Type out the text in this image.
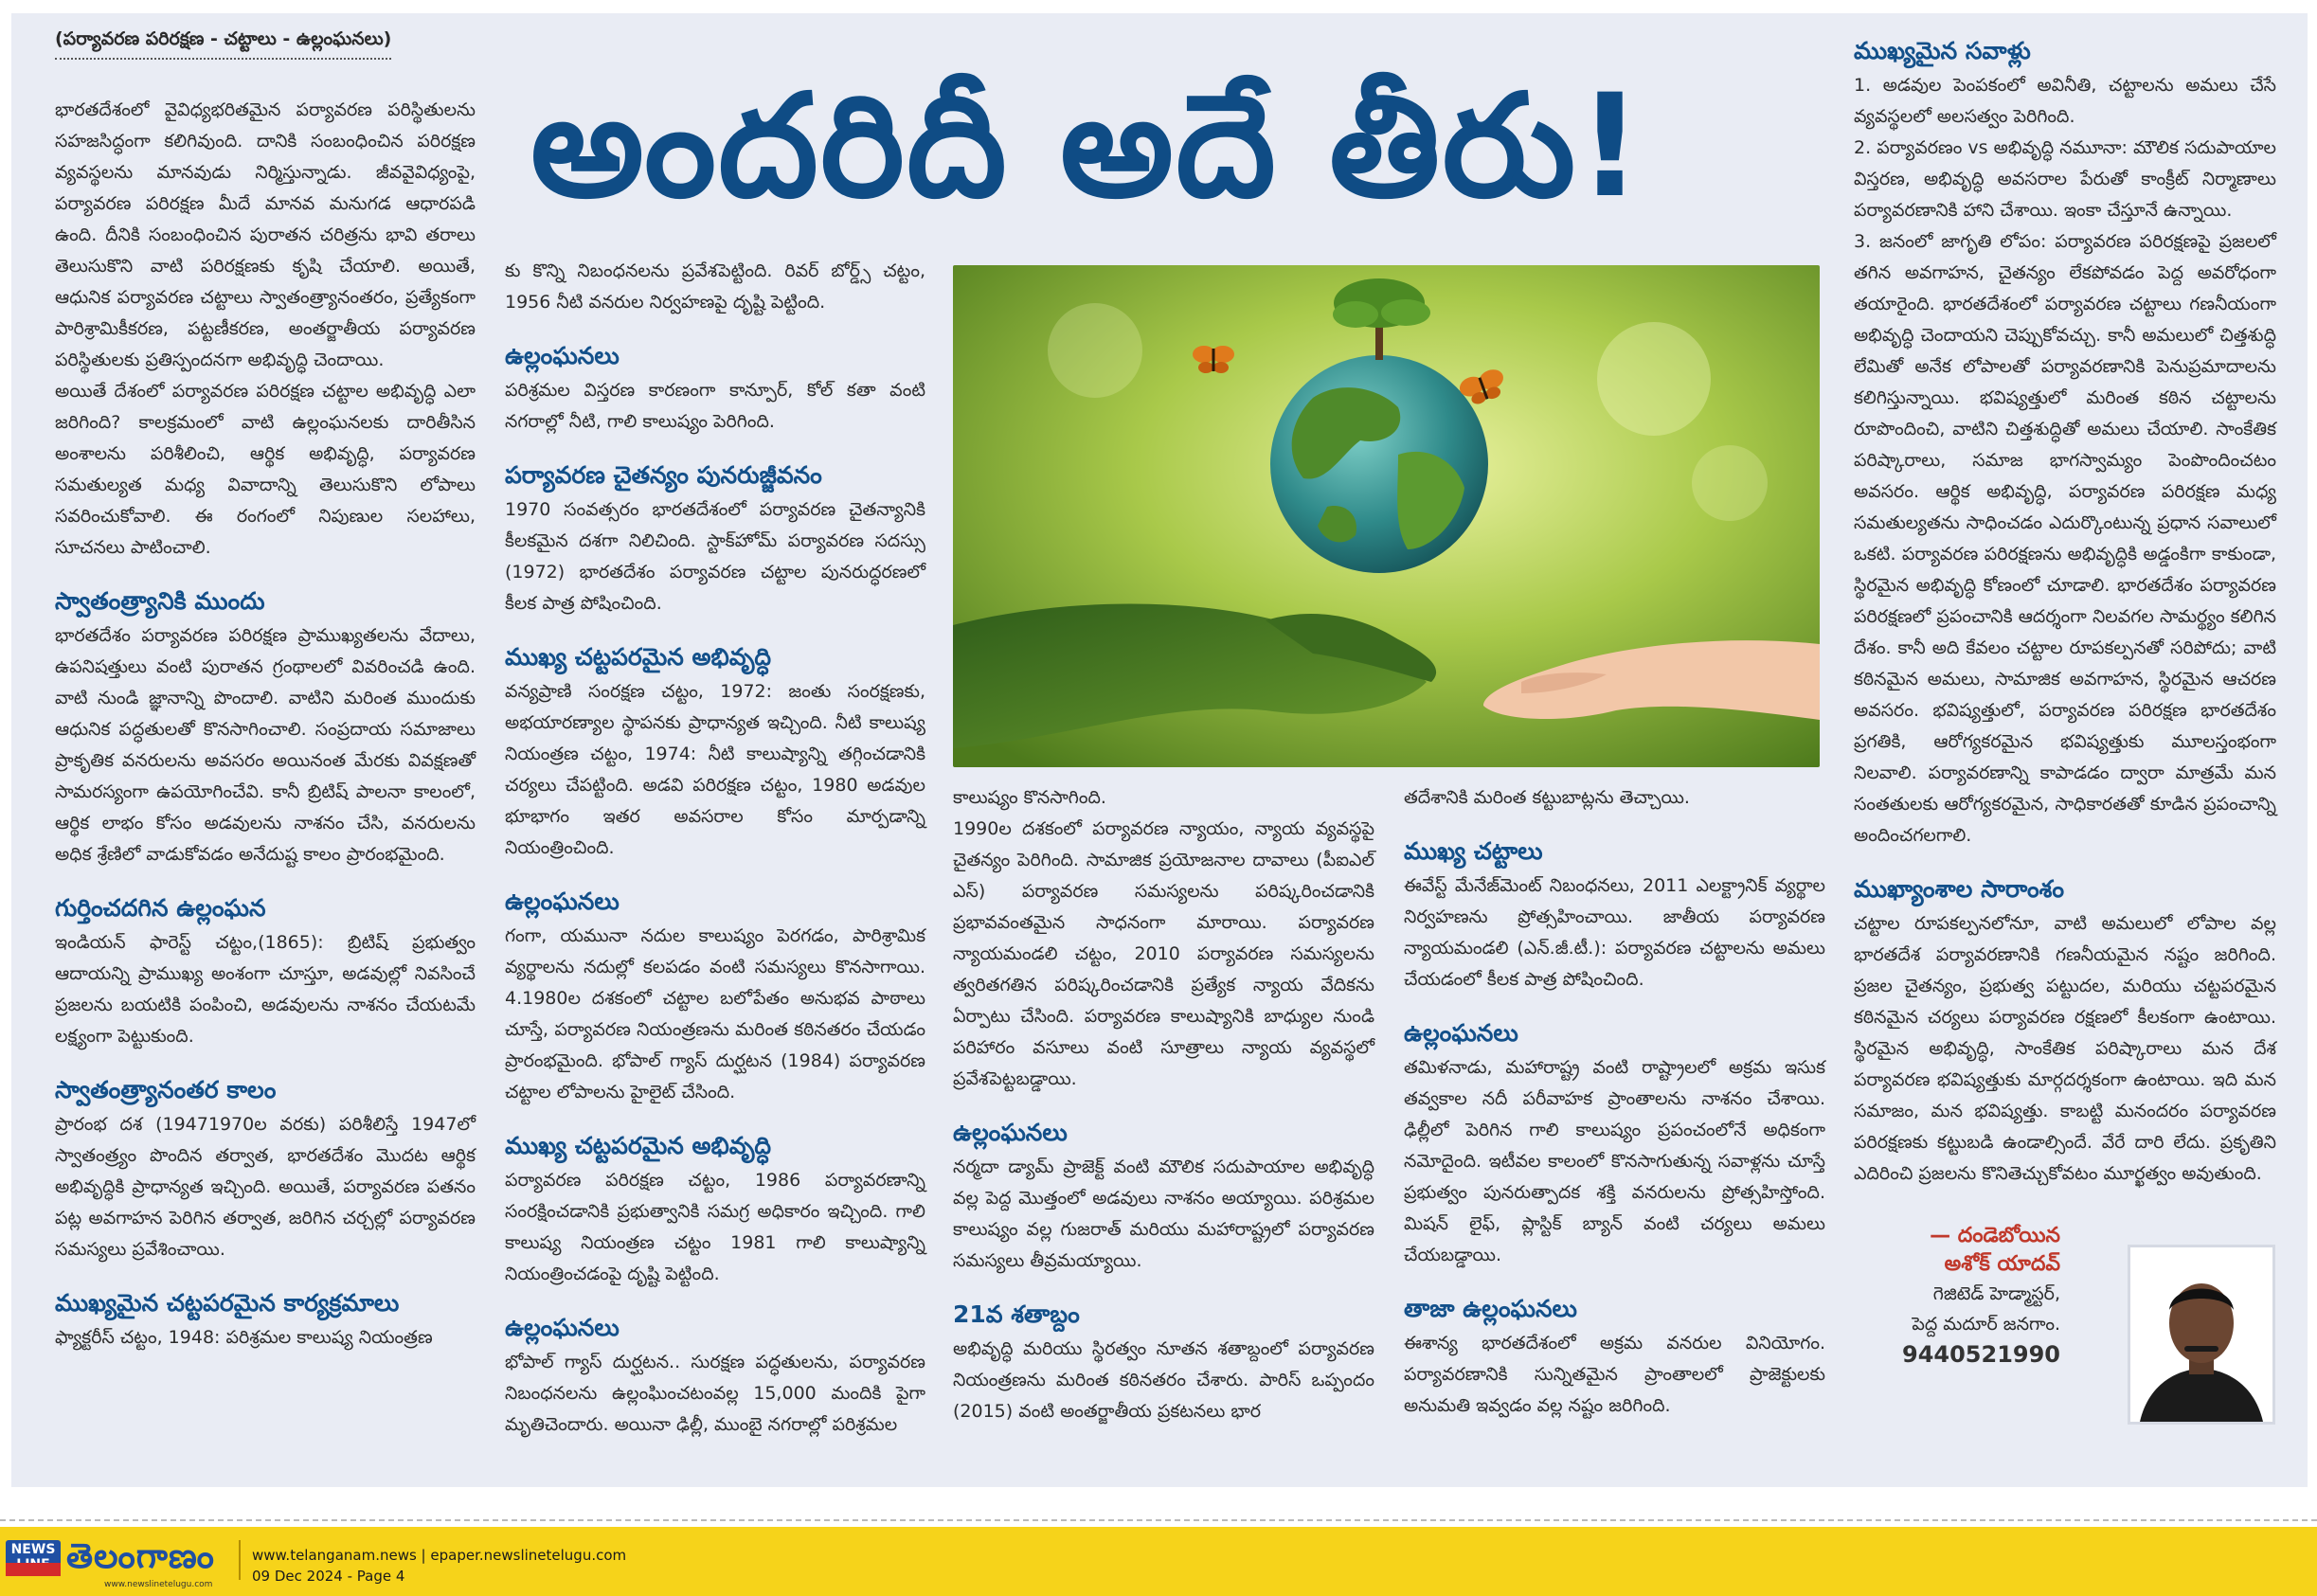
(పర్యావరణ పరిరక్షణ - చట్టాలు - ఉల్లంఘనలు)
అందరిదీ అదే తీరు!

భారతదేశంలో వైవిధ్యభరితమైన పర్యావరణ పరిస్థితులను సహజసిద్ధంగా కలిగివుంది. దానికి సంబంధించిన పరిరక్షణ వ్యవస్థలను మానవుడు నిర్మిస్తున్నాడు. జీవవైవిధ్యంపై, పర్యావరణ పరిరక్షణ మీదే మానవ మనుగడ ఆధారపడి ఉంది. దీనికి సంబంధించిన పురాతన చరిత్రను భావి తరాలు తెలుసుకొని వాటి పరిరక్షణకు కృషి చేయాలి. అయితే, ఆధునిక పర్యావరణ చట్టాలు స్వాతంత్ర్యానంతరం, ప్రత్యేకంగా పారిశ్రామికీకరణ, పట్టణీకరణ, అంతర్జాతీయ పర్యావరణ పరిస్థితులకు ప్రతిస్పందనగా అభివృద్ధి చెందాయి.

అయితే దేశంలో పర్యావరణ పరిరక్షణ చట్టాల అభివృద్ధి ఎలా జరిగింది? కాలక్రమంలో వాటి ఉల్లంఘనలకు దారితీసిన అంశాలను పరిశీలించి, ఆర్థిక అభివృద్ధి, పర్యావరణ సమతుల్యత మధ్య వివాదాన్ని తెలుసుకొని లోపాలు సవరించుకోవాలి. ఈ రంగంలో నిపుణుల సలహాలు, సూచనలు పాటించాలి.

స్వాతంత్ర్యానికి ముందు

భారతదేశం పర్యావరణ పరిరక్షణ ప్రాముఖ్యతలను వేదాలు, ఉపనిషత్తులు వంటి పురాతన గ్రంథాలలో వివరించడి ఉంది. వాటి నుండి జ్ఞానాన్ని పొందాలి. వాటిని మరింత ముందుకు ఆధునిక పద్ధతులతో కొనసాగించాలి. సంప్రదాయ సమాజాలు ప్రాకృతిక వనరులను అవసరం అయినంత మేరకు వివక్షణతో సామరస్యంగా ఉపయోగించేవి. కానీ బ్రిటిష్ పాలనా కాలంలో, ఆర్థిక లాభం కోసం అడవులను నాశనం చేసి, వనరులను అధిక శ్రేణిలో వాడుకోవడం అనేదుష్ట కాలం ప్రారంభమైంది.

గుర్తించదగిన ఉల్లంఘన

ఇండియన్ ఫారెస్ట్ చట్టం,(1865): బ్రిటిష్ ప్రభుత్వం ఆదాయన్ని ప్రాముఖ్య అంశంగా చూస్తూ, అడవుల్లో నివసించే ప్రజలను బయటికి పంపించి, అడవులను నాశనం చేయటమే లక్ష్యంగా పెట్టుకుంది.

స్వాతంత్ర్యానంతర కాలం

ప్రారంభ దశ (19471970ల వరకు) పరిశీలిస్తే 1947లో స్వాతంత్ర్యం పొందిన తర్వాత, భారతదేశం మొదట ఆర్థిక అభివృద్ధికి ప్రాధాన్యత ఇచ్చింది. అయితే, పర్యావరణ పతనం పట్ల అవగాహన పెరిగిన తర్వాత, జరిగిన చర్చల్లో పర్యావరణ సమస్యలు ప్రవేశించాయి.

ముఖ్యమైన చట్టపరమైన కార్యక్రమాలు

ఫ్యాక్టరీస్ చట్టం, 1948: పరిశ్రమల కాలుష్య నియంత్రణ

కు కొన్ని నిబంధనలను ప్రవేశపెట్టింది. రివర్ బోర్డ్స్ చట్టం, 1956 నీటి వనరుల నిర్వహణపై దృష్టి పెట్టింది.

ఉల్లంఘనలు

పరిశ్రమల విస్తరణ కారణంగా కాన్పూర్, కోల్ కతా వంటి నగరాల్లో నీటి, గాలి కాలుష్యం పెరిగింది.

పర్యావరణ చైతన్యం పునరుజ్జీవనం

1970 సంవత్సరం భారతదేశంలో పర్యావరణ చైతన్యానికి కీలకమైన దశగా నిలిచింది. స్టాక్‌హోమ్ పర్యావరణ సదస్సు (1972) భారతదేశం పర్యావరణ చట్టాల పునరుద్ధరణలో కీలక పాత్ర పోషించింది.

ముఖ్య చట్టపరమైన అభివృద్ధి

వన్యప్రాణి సంరక్షణ చట్టం, 1972: జంతు సంరక్షణకు, అభయారణ్యాల స్థాపనకు ప్రాధాన్యత ఇచ్చింది. నీటి కాలుష్య నియంత్రణ చట్టం, 1974: నీటి కాలుష్యాన్ని తగ్గించడానికి చర్యలు చేపట్టింది. అడవి పరిరక్షణ చట్టం, 1980 అడవుల భూభాగం ఇతర అవసరాల కోసం మార్పడాన్ని నియంత్రించింది.

ఉల్లంఘనలు

గంగా, యమునా నదుల కాలుష్యం పెరగడం, పారిశ్రామిక వ్యర్థాలను నదుల్లో కలపడం వంటి సమస్యలు కొనసాగాయి. 4.1980ల దశకంలో చట్టాల బలోపేతం అనుభవ పాఠాలు చూస్తే, పర్యావరణ నియంత్రణను మరింత కఠినతరం చేయడం ప్రారంభమైంది. భోపాల్ గ్యాస్ దుర్ఘటన (1984) పర్యావరణ చట్టాల లోపాలను హైలైట్ చేసింది.

ముఖ్య చట్టపరమైన అభివృద్ధి

పర్యావరణ పరిరక్షణ చట్టం, 1986 పర్యావరణాన్ని సంరక్షించడానికి ప్రభుత్వానికి సమగ్ర అధికారం ఇచ్చింది. గాలి కాలుష్య నియంత్రణ చట్టం 1981 గాలి కాలుష్యాన్ని నియంత్రించడంపై దృష్టి పెట్టింది.

ఉల్లంఘనలు

భోపాల్ గ్యాస్ దుర్ఘటన.. సురక్షణ పద్ధతులను, పర్యావరణ నిబంధనలను ఉల్లంఘించటంవల్ల 15,000 మందికి పైగా మృతిచెందారు. అయినా ఢిల్లీ, ముంబై నగరాల్లో పరిశ్రమల

కాలుష్యం కొనసాగింది.

1990ల దశకంలో పర్యావరణ న్యాయం, న్యాయ వ్యవస్థపై చైతన్యం పెరిగింది. సామాజిక ప్రయోజనాల దావాలు (పీఐఎల్ ఎస్) పర్యావరణ సమస్యలను పరిష్కరించడానికి ప్రభావవంతమైన సాధనంగా మారాయి. పర్యావరణ న్యాయమండలి చట్టం, 2010 పర్యావరణ సమస్యలను త్వరితగతిన పరిష్కరించడానికి ప్రత్యేక న్యాయ వేదికను ఏర్పాటు చేసింది. పర్యావరణ కాలుష్యానికి బాధ్యుల నుండి పరిహారం వసూలు వంటి సూత్రాలు న్యాయ వ్యవస్థలో ప్రవేశపెట్టబడ్డాయి.

ఉల్లంఘనలు

నర్మదా డ్యామ్ ప్రాజెక్ట్ వంటి మౌలిక సదుపాయాల అభివృద్ధి వల్ల పెద్ద మొత్తంలో అడవులు నాశనం అయ్యాయి. పరిశ్రమల కాలుష్యం వల్ల గుజరాత్ మరియు మహారాష్ట్రలో పర్యావరణ సమస్యలు తీవ్రమయ్యాయి.

21వ శతాబ్దం

అభివృద్ధి మరియు స్థిరత్వం నూతన శతాబ్దంలో పర్యావరణ నియంత్రణను మరింత కఠినతరం చేశారు. పారిస్ ఒప్పందం (2015) వంటి అంతర్జాతీయ ప్రకటనలు భార

తదేశానికి మరింత కట్టుబాట్లను తెచ్చాయి.

ముఖ్య చట్టాలు

ఈవేస్ట్ మేనేజ్‌మెంట్ నిబంధనలు, 2011 ఎలక్ట్రానిక్ వ్యర్థాల నిర్వహణను ప్రోత్సహించాయి. జాతీయ పర్యావరణ న్యాయమండలి (ఎన్.జీ.టీ.): పర్యావరణ చట్టాలను అమలు చేయడంలో కీలక పాత్ర పోషించింది.

ఉల్లంఘనలు

తమిళనాడు, మహారాష్ట్ర వంటి రాష్ట్రాలలో అక్రమ ఇసుక తవ్వకాల నదీ పరీవాహక ప్రాంతాలను నాశనం చేశాయి. ఢిల్లీలో పెరిగిన గాలి కాలుష్యం ప్రపంచంలోనే అధికంగా నమోదైంది. ఇటీవల కాలంలో కొనసాగుతున్న సవాళ్లను చూస్తే ప్రభుత్వం పునరుత్పాదక శక్తి వనరులను ప్రోత్సహిస్తోంది. మిషన్ లైఫ్, ప్లాస్టిక్ బ్యాన్ వంటి చర్యలు అమలు చేయబడ్డాయి.

తాజా ఉల్లంఘనలు

ఈశాన్య భారతదేశంలో అక్రమ వనరుల వినియోగం. పర్యావరణానికి సున్నితమైన ప్రాంతాలలో ప్రాజెక్టులకు అనుమతి ఇవ్వడం వల్ల నష్టం జరిగింది.

ముఖ్యమైన సవాళ్లు

1. అడవుల పెంపకంలో అవినీతి, చట్టాలను అమలు చేసే వ్యవస్థలలో అలసత్వం పెరిగింది.

2. పర్యావరణం vs అభివృద్ధి నమూనా: మౌలిక సదుపాయాల విస్తరణ, అభివృద్ధి అవసరాల పేరుతో కాంక్రీట్ నిర్మాణాలు పర్యావరణానికి హాని చేశాయి. ఇంకా చేస్తూనే ఉన్నాయి.

3. జనంలో జాగృతి లోపం: పర్యావరణ పరిరక్షణపై ప్రజలలో తగిన అవగాహన, చైతన్యం లేకపోవడం పెద్ద అవరోధంగా తయారైంది. భారతదేశంలో పర్యావరణ చట్టాలు గణనీయంగా అభివృద్ధి చెందాయని చెప్పుకోవచ్చు. కానీ అమలులో చిత్తశుద్ధి లేమితో అనేక లోపాలతో పర్యావరణానికి పెనుప్రమాదాలను కలిగిస్తున్నాయి. భవిష్యత్తులో మరింత కఠిన చట్టాలను రూపొందించి, వాటిని చిత్తశుద్ధితో అమలు చేయాలి. సాంకేతిక పరిష్కారాలు, సమాజ భాగస్వామ్యం పెంపొందించటం అవసరం. ఆర్థిక అభివృద్ధి, పర్యావరణ పరిరక్షణ మధ్య సమతుల్యతను సాధించడం ఎదుర్కొంటున్న ప్రధాన సవాలులో ఒకటి. పర్యావరణ పరిరక్షణను అభివృద్ధికి అడ్డంకిగా కాకుండా, స్థిరమైన అభివృద్ధి కోణంలో చూడాలి. భారతదేశం పర్యావరణ పరిరక్షణలో ప్రపంచానికి ఆదర్శంగా నిలవగల సామర్థ్యం కలిగిన దేశం. కానీ అది కేవలం చట్టాల రూపకల్పనతో సరిపోదు; వాటి కఠినమైన అమలు, సామాజిక అవగాహన, స్థిరమైన ఆచరణ అవసరం. భవిష్యత్తులో, పర్యావరణ పరిరక్షణ భారతదేశం ప్రగతికి, ఆరోగ్యకరమైన భవిష్యత్తుకు మూలస్తంభంగా నిలవాలి. పర్యావరణాన్ని కాపాడడం ద్వారా మాత్రమే మన సంతతులకు ఆరోగ్యకరమైన, సాధికారతతో కూడిన ప్రపంచాన్ని అందించగలగాలి.

ముఖ్యాంశాల సారాంశం

చట్టాల రూపకల్పనలోనూ, వాటి అమలులో లోపాల వల్ల భారతదేశ పర్యావరణానికి గణనీయమైన నష్టం జరిగింది. ప్రజల చైతన్యం, ప్రభుత్వ పట్టుదల, మరియు చట్టపరమైన కఠినమైన చర్యలు పర్యావరణ రక్షణలో కీలకంగా ఉంటాయి. స్థిరమైన అభివృద్ధి, సాంకేతిక పరిష్కారాలు మన దేశ పర్యావరణ భవిష్యత్తుకు మార్గదర్శకంగా ఉంటాయి. ఇది మన సమాజం, మన భవిష్యత్తు. కాబట్టి మనందరం పర్యావరణ పరిరక్షణకు కట్టుబడి ఉండాల్సిందే. వేరే దారి లేదు. ప్రకృతిని ఎదిరించి ప్రజలను కొనితెచ్చుకోవటం మూర్ఖత్వం అవుతుంది.

— దండెబోయిన
అశోక్ యాదవ్
గెజిటెడ్ హెడ్మాస్టర్,
పెద్ద మదూర్ జనగాం.
9440521990
NEWS తెలంగాణం
www.newslinetelugu.com
www.telanganam.news | epaper.newslinetelugu.com
09 Dec 2024 - Page 4
